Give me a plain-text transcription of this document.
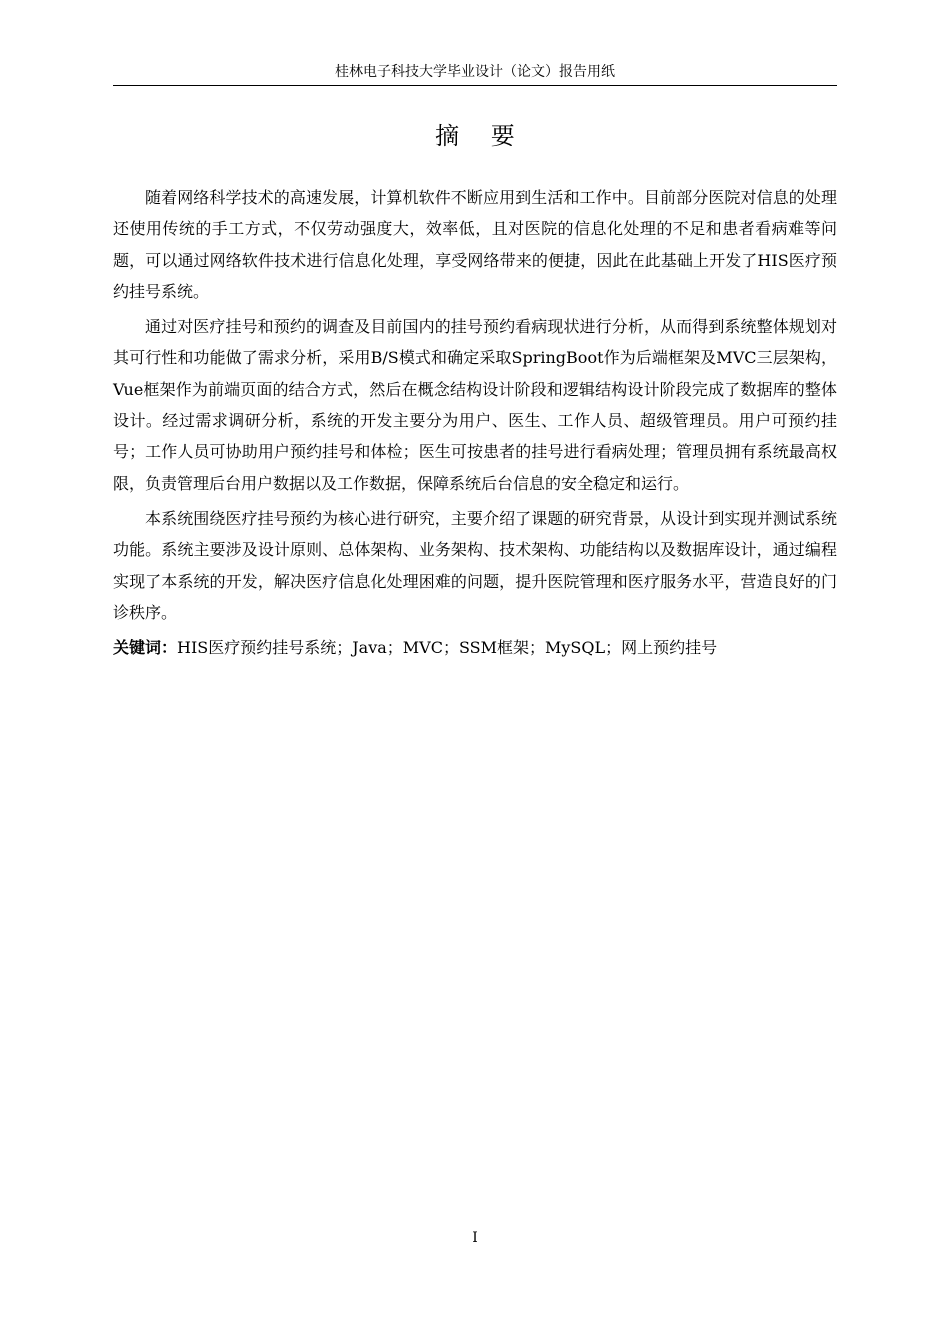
桂林电子科技大学毕业设计（论文）报告用纸
摘 要

随着网络科学技术的高速发展，计算机软件不断应用到生活和工作中。目前部分医院对信息的处理还使用传统的手工方式，不仅劳动强度大，效率低，且对医院的信息化处理的不足和患者看病难等问题，可以通过网络软件技术进行信息化处理，享受网络带来的便捷，因此在此基础上开发了HIS医疗预约挂号系统。

通过对医疗挂号和预约的调查及目前国内的挂号预约看病现状进行分析，从而得到系统整体规划对其可行性和功能做了需求分析，采用B/S模式和确定采取SpringBoot作为后端框架及MVC三层架构，Vue框架作为前端页面的结合方式，然后在概念结构设计阶段和逻辑结构设计阶段完成了数据库的整体设计。经过需求调研分析，系统的开发主要分为用户、医生、工作人员、超级管理员。用户可预约挂号；工作人员可协助用户预约挂号和体检；医生可按患者的挂号进行看病处理；管理员拥有系统最高权限，负责管理后台用户数据以及工作数据，保障系统后台信息的安全稳定和运行。

本系统围绕医疗挂号预约为核心进行研究，主要介绍了课题的研究背景，从设计到实现并测试系统功能。系统主要涉及设计原则、总体架构、业务架构、技术架构、功能结构以及数据库设计，通过编程实现了本系统的开发，解决医疗信息化处理困难的问题，提升医院管理和医疗服务水平，营造良好的门诊秩序。

关键词：HIS医疗预约挂号系统；Java；MVC；SSM框架；MySQL；网上预约挂号
I
